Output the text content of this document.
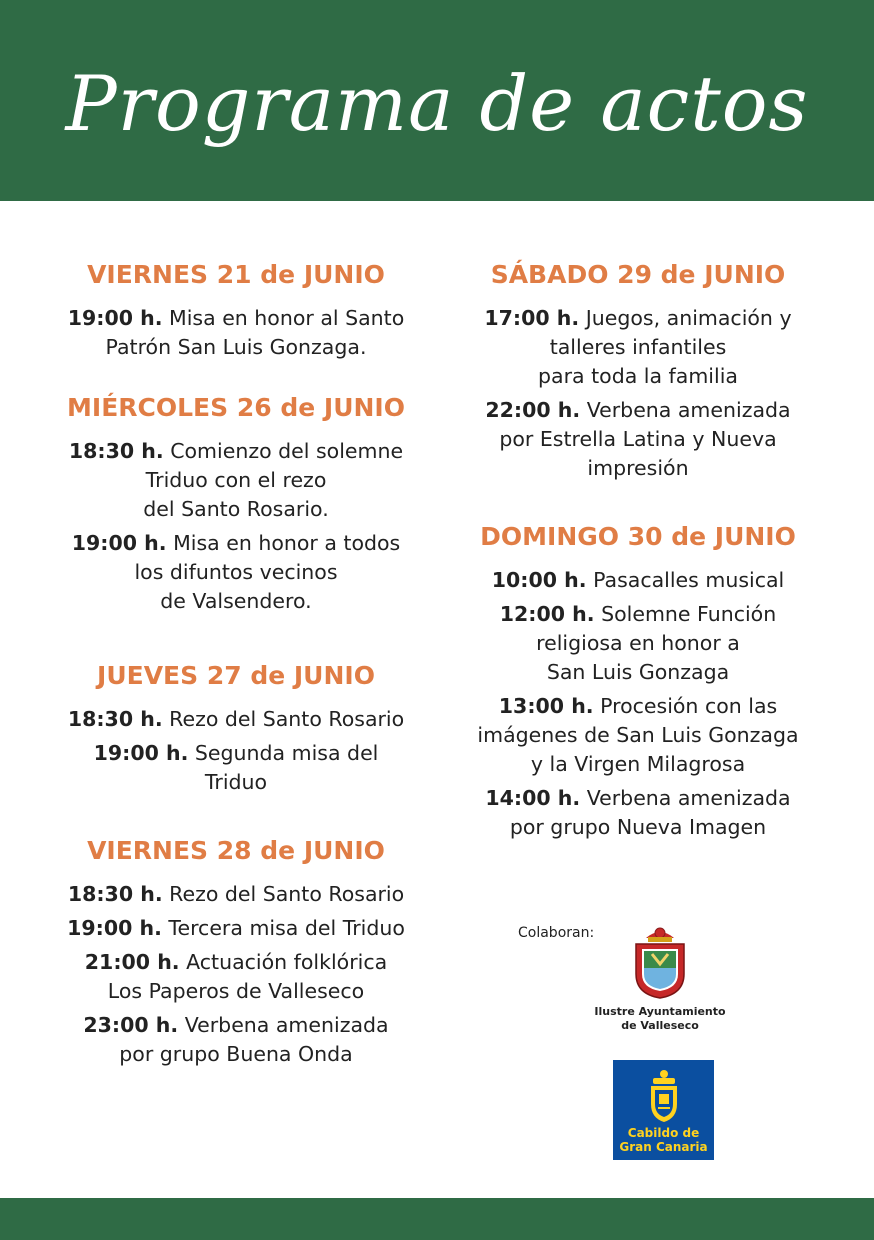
Programa de actos
VIERNES 21 de JUNIO
19:00 h. Misa en honor al Santo
Patrón San Luis Gonzaga.
MIÉRCOLES 26 de JUNIO
18:30 h. Comienzo del solemne
Triduo con el rezo
del Santo Rosario.
19:00 h. Misa en honor a todos
los difuntos vecinos
de Valsendero.
JUEVES 27 de JUNIO
18:30 h. Rezo del Santo Rosario
19:00 h. Segunda misa del
Triduo
VIERNES 28 de JUNIO
18:30 h. Rezo del Santo Rosario
19:00 h. Tercera misa del Triduo
21:00 h. Actuación folklórica
Los Paperos de Valleseco
23:00 h. Verbena amenizada
por grupo Buena Onda
SÁBADO 29 de JUNIO
17:00 h. Juegos, animación y
talleres infantiles
para toda la familia
22:00 h. Verbena amenizada
por Estrella Latina y Nueva
impresión
DOMINGO 30 de JUNIO
10:00 h. Pasacalles musical
12:00 h. Solemne Función
religiosa en honor a
San Luis Gonzaga
13:00 h. Procesión con las
imágenes de San Luis Gonzaga
y la Virgen Milagrosa
14:00 h. Verbena amenizada
por grupo Nueva Imagen
Colaboran:
Ilustre Ayuntamiento
de Valleseco
Cabildo de
Gran Canaria
